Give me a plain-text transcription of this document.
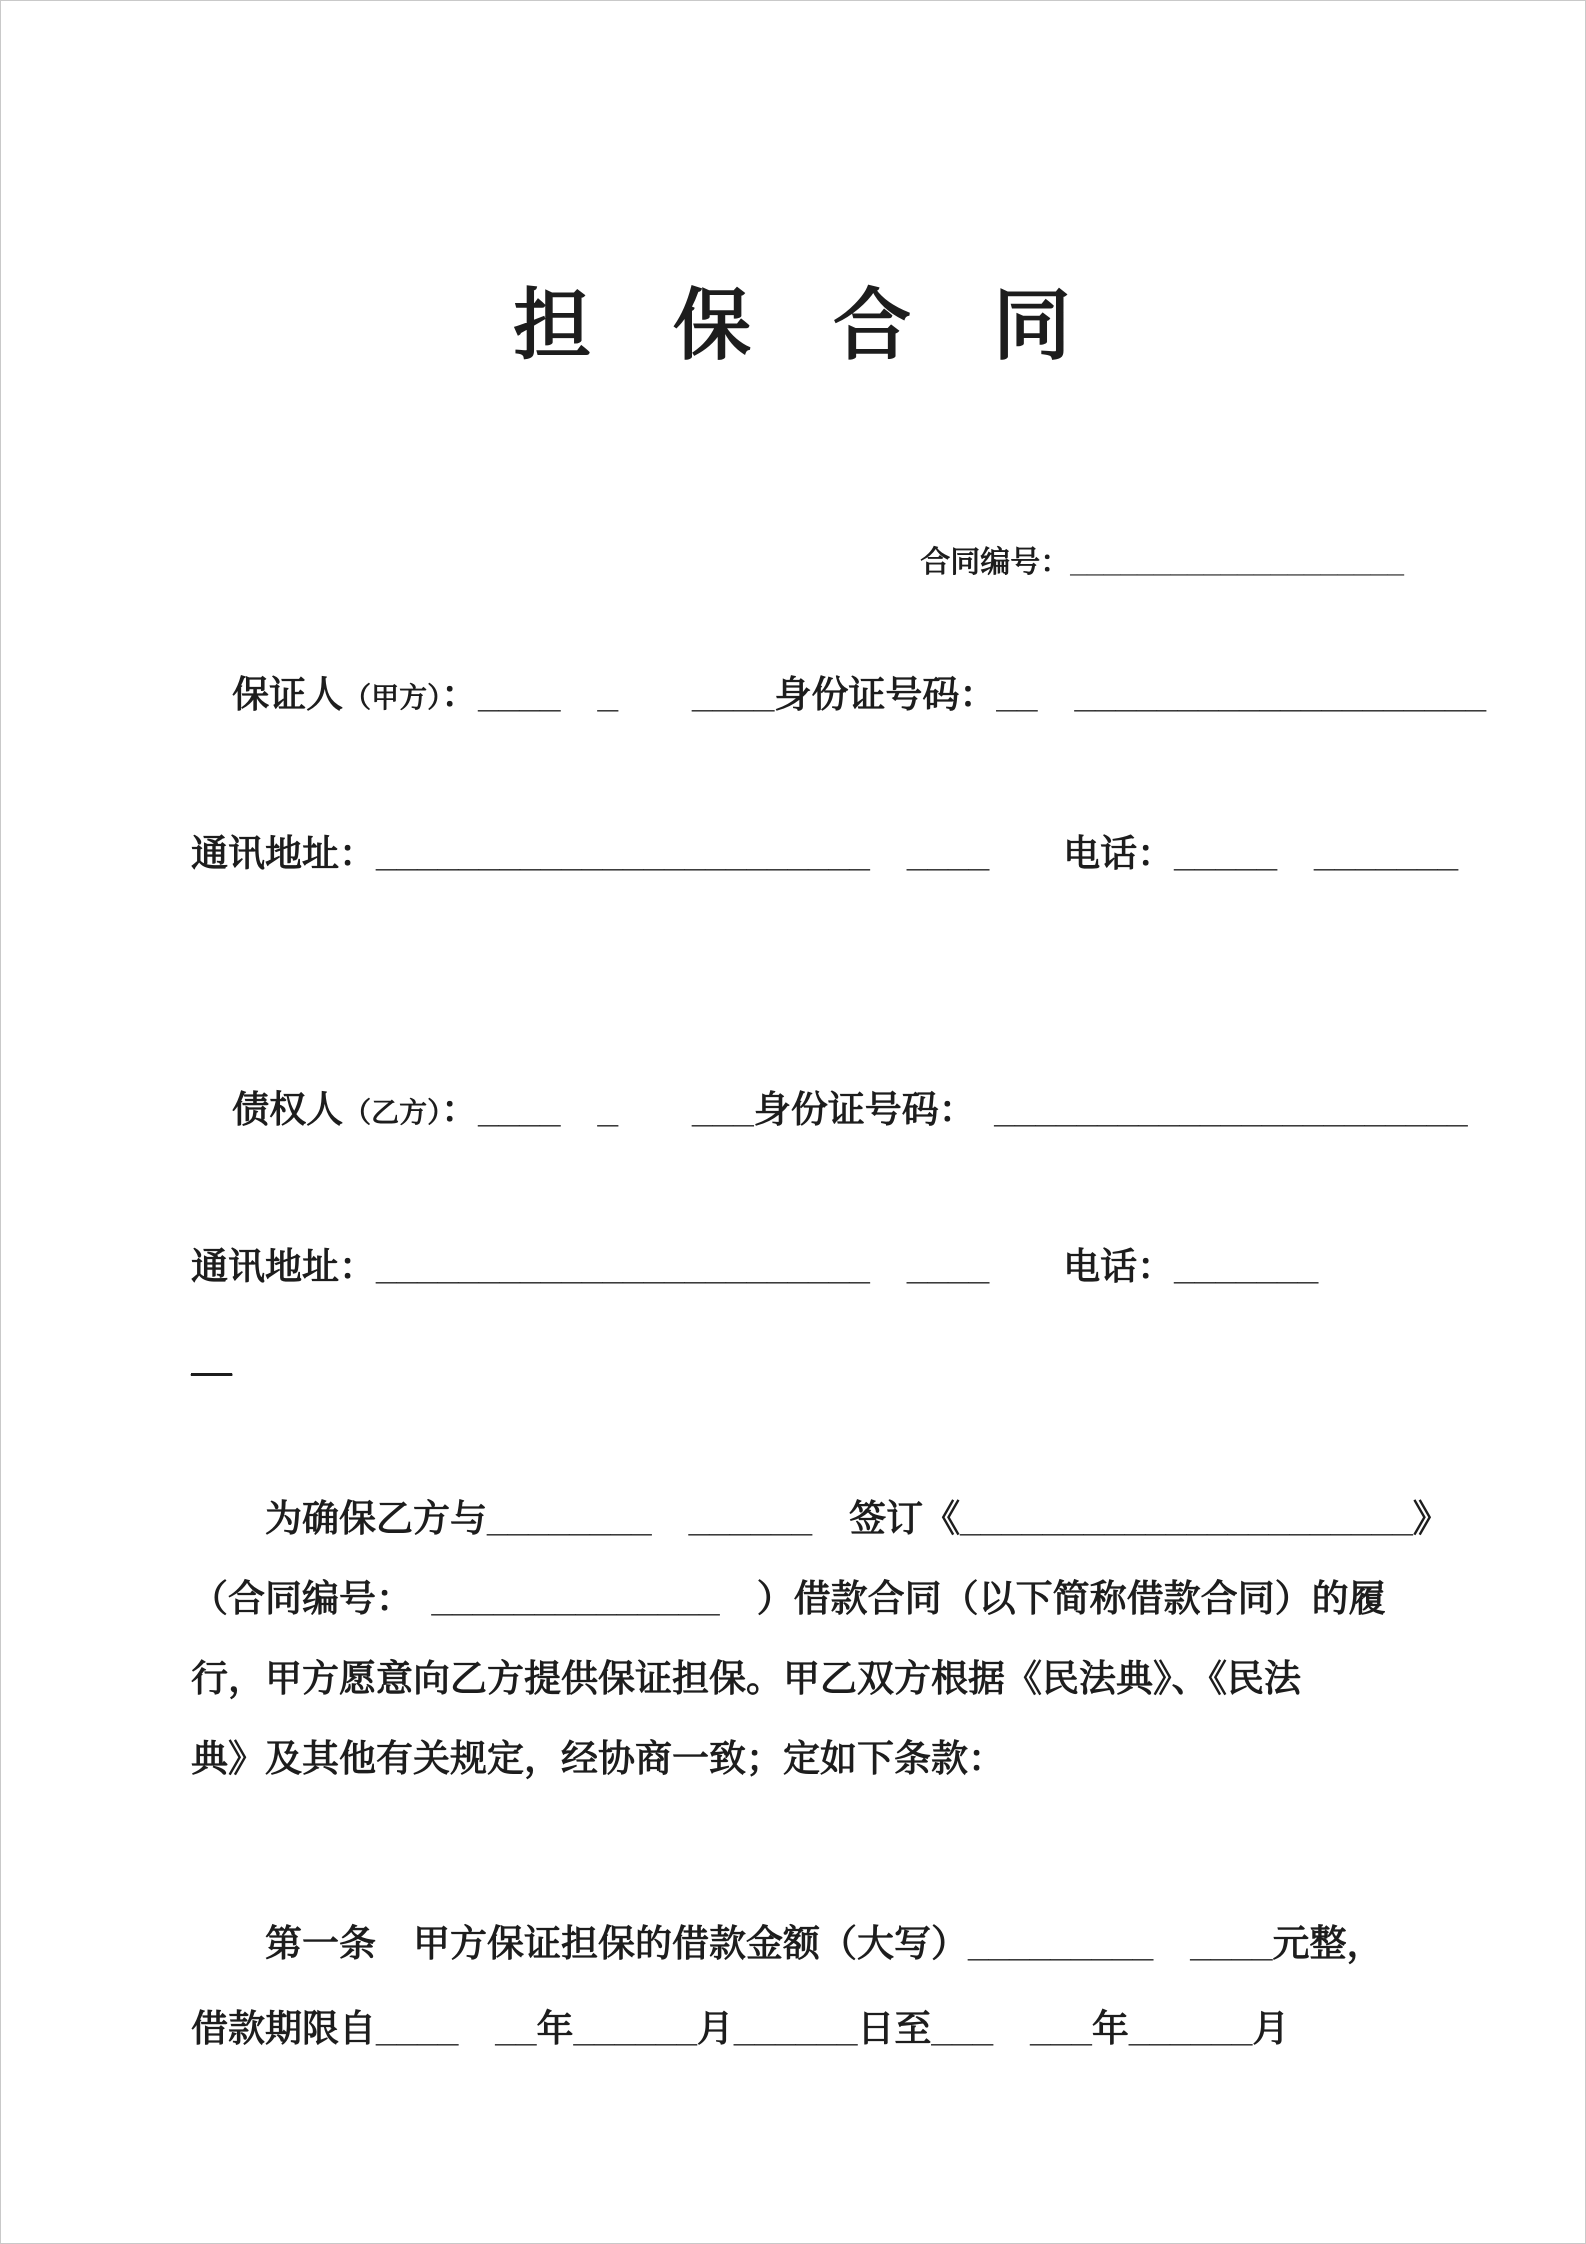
担　保　合　同

合同编号：____________________

保证人（甲方）：____　_　　____身份证号码：__　____________________

通讯地址：________________________　____　　电话：_____　_______

债权人（乙方）：____　_　　___身份证号码：　_______________________

通讯地址：________________________　____　　电话：_______
__
　　为确保乙方与________　______　签订《______________________》
（合同编号：　______________　）借款合同（以下简称借款合同）的履
行，甲方愿意向乙方提供保证担保。甲乙双方根据《民法典》、《民法
典》及其他有关规定，经协商一致；定如下条款：
　　第一条　甲方保证担保的借款金额（大写）_________　____元整，
借款期限自____　__年______月______日至___　___年______月
